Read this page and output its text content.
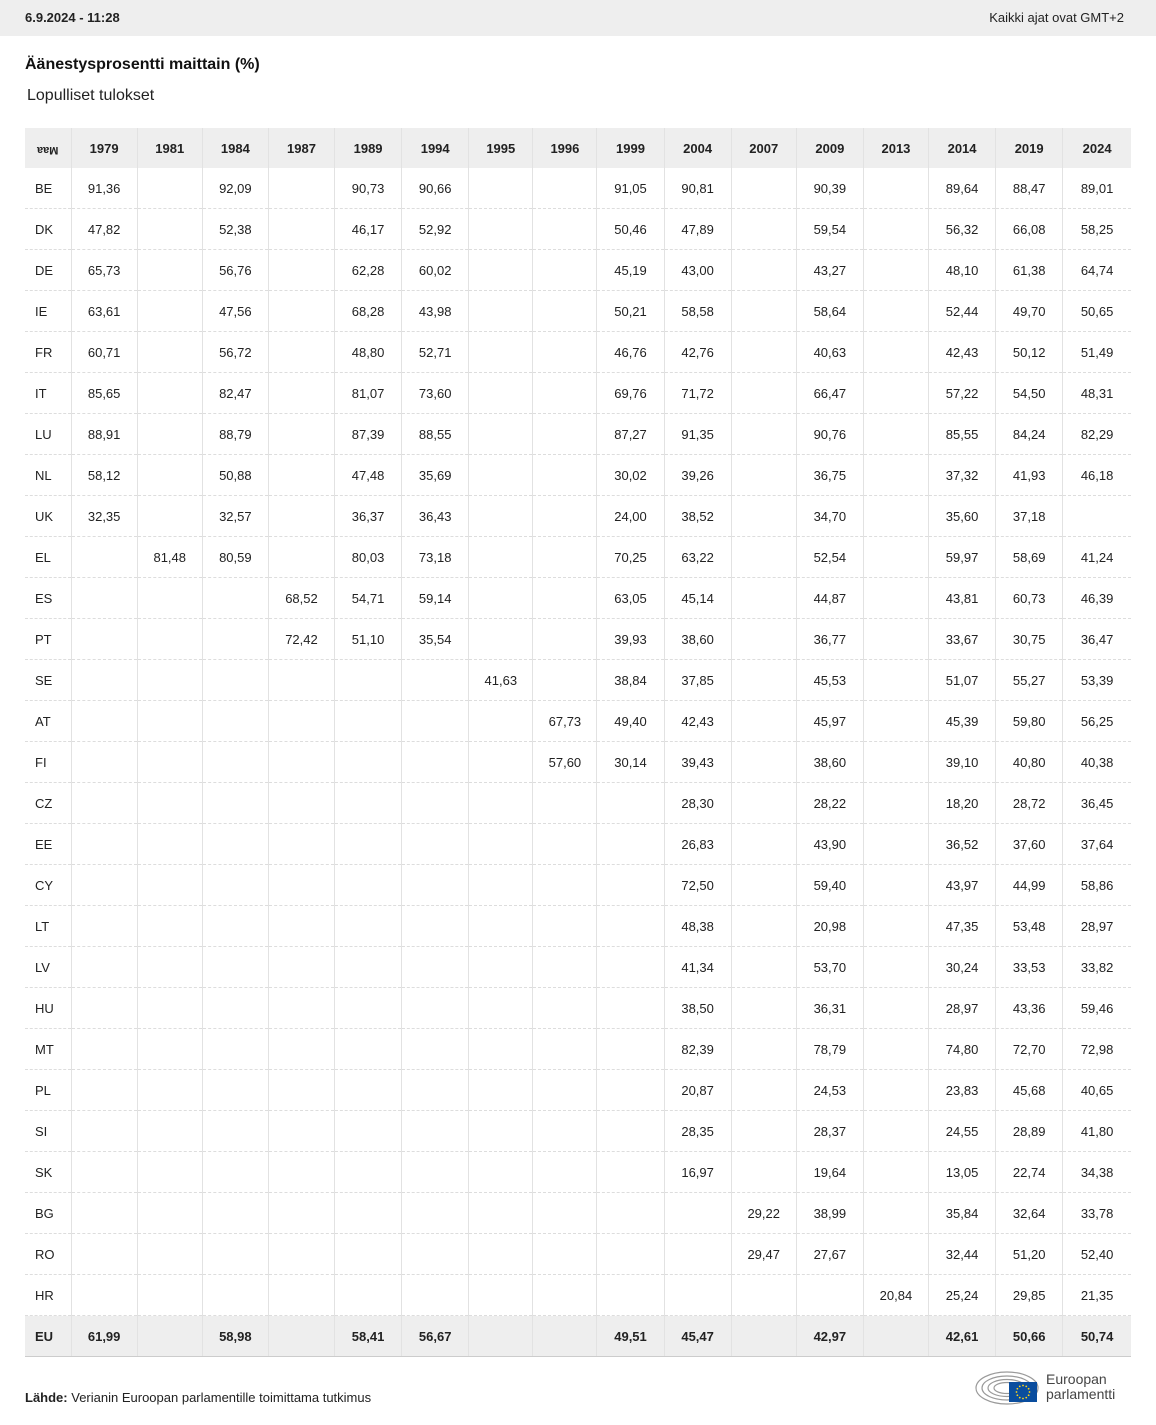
6.9.2024 - 11:28	Kaikki ajat ovat GMT+2
Äänestysprosentti maittain (%)
Lopulliset tulokset
Maa	1979	1981	1984	1987	1989	1994	1995	1996	1999	2004	2007	2009	2013	2014	2019	2024
BE	91,36		92,09		90,73	90,66			91,05	90,81		90,39		89,64	88,47	89,01
DK	47,82		52,38		46,17	52,92			50,46	47,89		59,54		56,32	66,08	58,25
DE	65,73		56,76		62,28	60,02			45,19	43,00		43,27		48,10	61,38	64,74
IE	63,61		47,56		68,28	43,98			50,21	58,58		58,64		52,44	49,70	50,65
FR	60,71		56,72		48,80	52,71			46,76	42,76		40,63		42,43	50,12	51,49
IT	85,65		82,47		81,07	73,60			69,76	71,72		66,47		57,22	54,50	48,31
LU	88,91		88,79		87,39	88,55			87,27	91,35		90,76		85,55	84,24	82,29
NL	58,12		50,88		47,48	35,69			30,02	39,26		36,75		37,32	41,93	46,18
UK	32,35		32,57		36,37	36,43			24,00	38,52		34,70		35,60	37,18	
EL		81,48	80,59		80,03	73,18			70,25	63,22		52,54		59,97	58,69	41,24
ES				68,52	54,71	59,14			63,05	45,14		44,87		43,81	60,73	46,39
PT				72,42	51,10	35,54			39,93	38,60		36,77		33,67	30,75	36,47
SE							41,63		38,84	37,85		45,53		51,07	55,27	53,39
AT								67,73	49,40	42,43		45,97		45,39	59,80	56,25
FI								57,60	30,14	39,43		38,60		39,10	40,80	40,38
CZ										28,30		28,22		18,20	28,72	36,45
EE										26,83		43,90		36,52	37,60	37,64
CY										72,50		59,40		43,97	44,99	58,86
LT										48,38		20,98		47,35	53,48	28,97
LV										41,34		53,70		30,24	33,53	33,82
HU										38,50		36,31		28,97	43,36	59,46
MT										82,39		78,79		74,80	72,70	72,98
PL										20,87		24,53		23,83	45,68	40,65
SI										28,35		28,37		24,55	28,89	41,80
SK										16,97		19,64		13,05	22,74	34,38
BG											29,22	38,99		35,84	32,64	33,78
RO											29,47	27,67		32,44	51,20	52,40
HR													20,84	25,24	29,85	21,35
EU	61,99		58,98		58,41	56,67			49,51	45,47		42,97		42,61	50,66	50,74
Lähde: Verianin Euroopan parlamentille toimittama tutkimus
Euroopan
parlamentti
